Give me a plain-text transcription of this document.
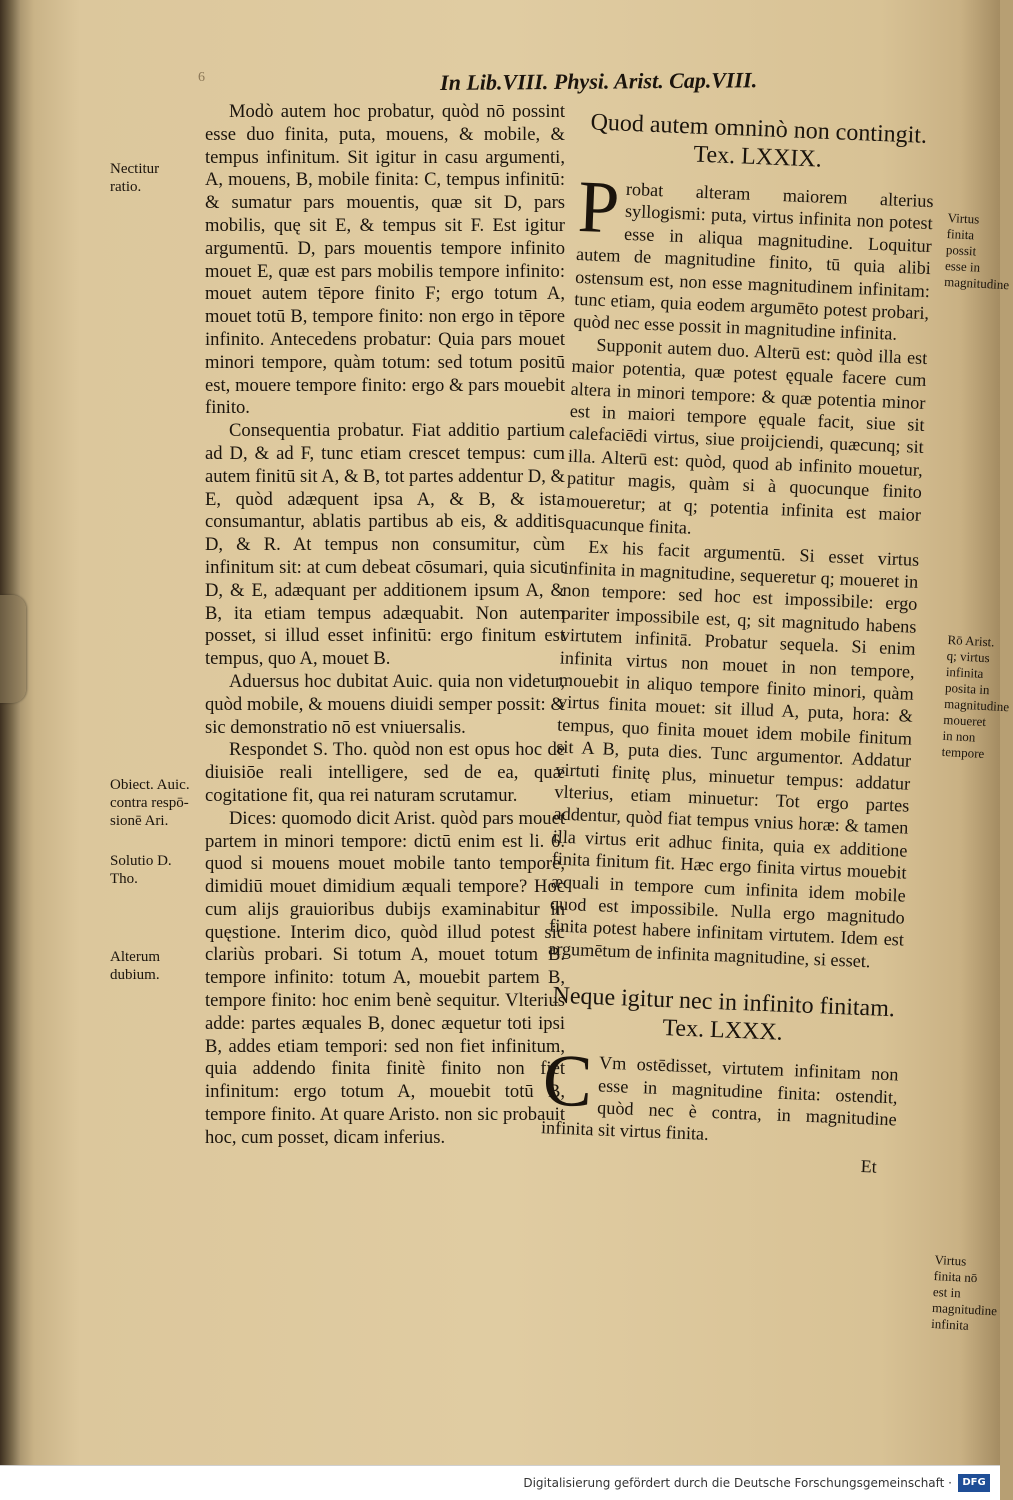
6	In Lib.VIII. Physi. Arist. Cap.VIII.
Nectitur ratio.
Obiect. Auic. contra respōsionē Ari.
Solutio D. Tho.
Alterum dubium.

Modò autem hoc probatur, quòd nō possint esse duo finita, puta, mouens, & mobile, & tempus infinitum. Sit igitur in casu argumenti, A, mouens, B, mobile finita: C, tempus infinitū: & sumatur pars mouentis, quæ sit D, pars mobilis, quę sit E, & tempus sit F. Est igitur argumentū. D, pars mouentis tempore infinito mouet E, quæ est pars mobilis tempore infinito: mouet autem tēpore finito F; ergo totum A, mouet totū B, tempore finito: non ergo in tēpore infinito. Antecedens probatur: Quia pars mouet minori tempore, quàm totum: sed totum positū est, mouere tempore finito: ergo & pars mouebit finito.

Consequentia probatur. Fiat additio partium ad D, & ad F, tunc etiam crescet tempus: cum autem finitū sit A, & B, tot partes addentur D, & E, quòd adæquent ipsa A, & B, & ista consumantur, ablatis partibus ab eis, & additis D, & R. At tempus non consumitur, cùm infinitum sit: at cum debeat cōsumari, quia sicut D, & E, adæquant per additionem ipsum A, & B, ita etiam tempus adæquabit. Non autem posset, si illud esset infinitū: ergo finitum est tempus, quo A, mouet B.

Aduersus hoc dubitat Auic. quia non videtur, quòd mobile, & mouens diuidi semper possit: & sic demonstratio nō est vniuersalis.

Respondet S. Tho. quòd non est opus hoc de diuisiōe reali intelligere, sed de ea, quæ cogitatione fit, qua rei naturam scrutamur.

Dices: quomodo dicit Arist. quòd pars mouet partem in minori tempore: dictū enim est li. 6. quod si mouens mouet mobile tanto tempore, dimidiū mouet dimidium æquali tempore? Hoc cum alijs grauioribus dubijs examinabitur in quęstione. Interim dico, quòd illud potest sic clariùs probari. Si totum A, mouet totum B. tempore infinito: totum A, mouebit partem B, tempore finito: hoc enim benè sequitur. Vlterius adde: partes æquales B, donec æquetur toti ipsi B, addes etiam tempori: sed non fiet infinitum, quia addendo finita finitè finito non fiet infinitum: ergo totum A, mouebit totū B, tempore finito. At quare Aristo. non sic probauit hoc, cum posset, dicam inferius.

Quod autem omninò non contingit. Tex. LXXIX.

Probat alteram maiorem alterius syllogismi: puta, virtus infinita non potest esse in aliqua magnitudine. Loquitur autem de magnitudine finito, tū quia alibi ostensum est, non esse magnitudinem infinitam: tunc etiam, quia eodem argumēto potest probari, quòd nec esse possit in magnitudine infinita.

Supponit autem duo. Alterū est: quòd illa est maior potentia, quæ potest ęquale facere cum altera in minori tempore: & quæ potentia minor est in maiori tempore ęquale facit, siue sit calefaciēdi virtus, siue proijciendi, quæcunq; sit illa. Alterū est: quòd, quod ab infinito mouetur, patitur magis, quàm si à quocunque finito moueretur; at q; potentia infinita est maior quacunque finita.

Ex his facit argumentū. Si esset virtus infinita in magnitudine, sequeretur q; moueret in non tempore: sed hoc est impossibile: ergo pariter impossibile est, q; sit magnitudo habens virtutem infinitā. Probatur sequela. Si enim infinita virtus non mouet in non tempore, mouebit in aliquo tempore finito minori, quàm virtus finita mouet: sit illud A, puta, hora: & tempus, quo finita mouet idem mobile finitum sit A B, puta dies. Tunc argumentor. Addatur virtuti finitę plus, minuetur tempus: addatur vlterius, etiam minuetur: Tot ergo partes addentur, quòd fiat tempus vnius horæ: & tamen illa virtus erit adhuc finita, quia ex additione finita finitum fit. Hæc ergo finita virtus mouebit æquali in tempore cum infinita idem mobile quod est impossibile. Nulla ergo magnitudo finita potest habere infinitam virtutem. Idem est argumētum de infinita magnitudine, si esset.

Neque igitur nec in infinito finitam. Tex. LXXX.

C Vm ostēdisset, virtutem infinitam non esse in magnitudine finita: ostendit, quòd nec è contra, in magnitudine infinita sit virtus finita.

Et
Virtus finita possit esse in magnitudine
Rō Arist. q; virtus infinita posita in magnitudine moueret in non tempore
Virtus finita nō est in magnitudine infinita
Digitalisierung gefördert durch die Deutsche Forschungsgemeinschaft ·	DFG
